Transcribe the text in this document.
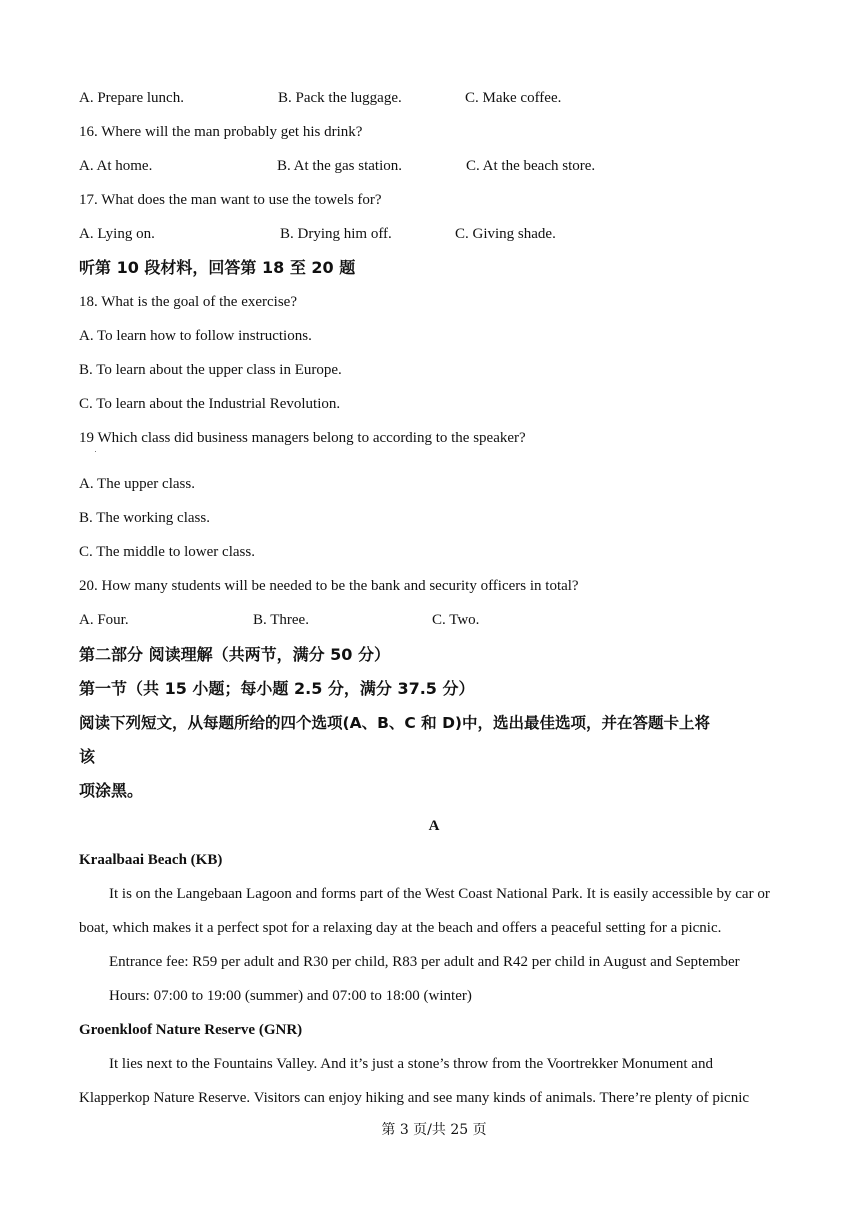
A. Prepare lunch.	B. Pack the luggage.	C. Make coffee.
16. Where will the man probably get his drink?
A. At home.	B. At the gas station.	C. At the beach store.
17. What does the man want to use the towels for?
A. Lying on.	B. Drying him off.	C. Giving shade.
听第 10 段材料，回答第 18 至 20 题
18. What is the goal of the exercise?
A. To learn how to follow instructions.
B. To learn about the upper class in Europe.
C. To learn about the Industrial Revolution.
19 Which class did business managers belong to according to the speaker?
A. The upper class.
B. The working class.
C. The middle to lower class.
20. How many students will be needed to be the bank and security officers in total?
A. Four.	B. Three.	C. Two.
第二部分 阅读理解（共两节，满分 50 分）
第一节（共 15 小题；每小题 2.5 分，满分 37.5 分）
阅读下列短文，从每题所给的四个选项(A、B、C 和 D)中，选出最佳选项，并在答题卡上将
该
项涂黑。
A
Kraalbaai Beach (KB)
It is on the Langebaan Lagoon and forms part of the West Coast National Park. It is easily accessible by car or
boat, which makes it a perfect spot for a relaxing day at the beach and offers a peaceful setting for a picnic.
Entrance fee: R59 per adult and R30 per child, R83 per adult and R42 per child in August and September
Hours: 07:00 to 19:00 (summer) and 07:00 to 18:00 (winter)
Groenkloof Nature Reserve (GNR)
It lies next to the Fountains Valley. And it’s just a stone’s throw from the Voortrekker Monument and
Klapperkop Nature Reserve. Visitors can enjoy hiking and see many kinds of animals. There’re plenty of picnic
第 3 页/共 25 页
